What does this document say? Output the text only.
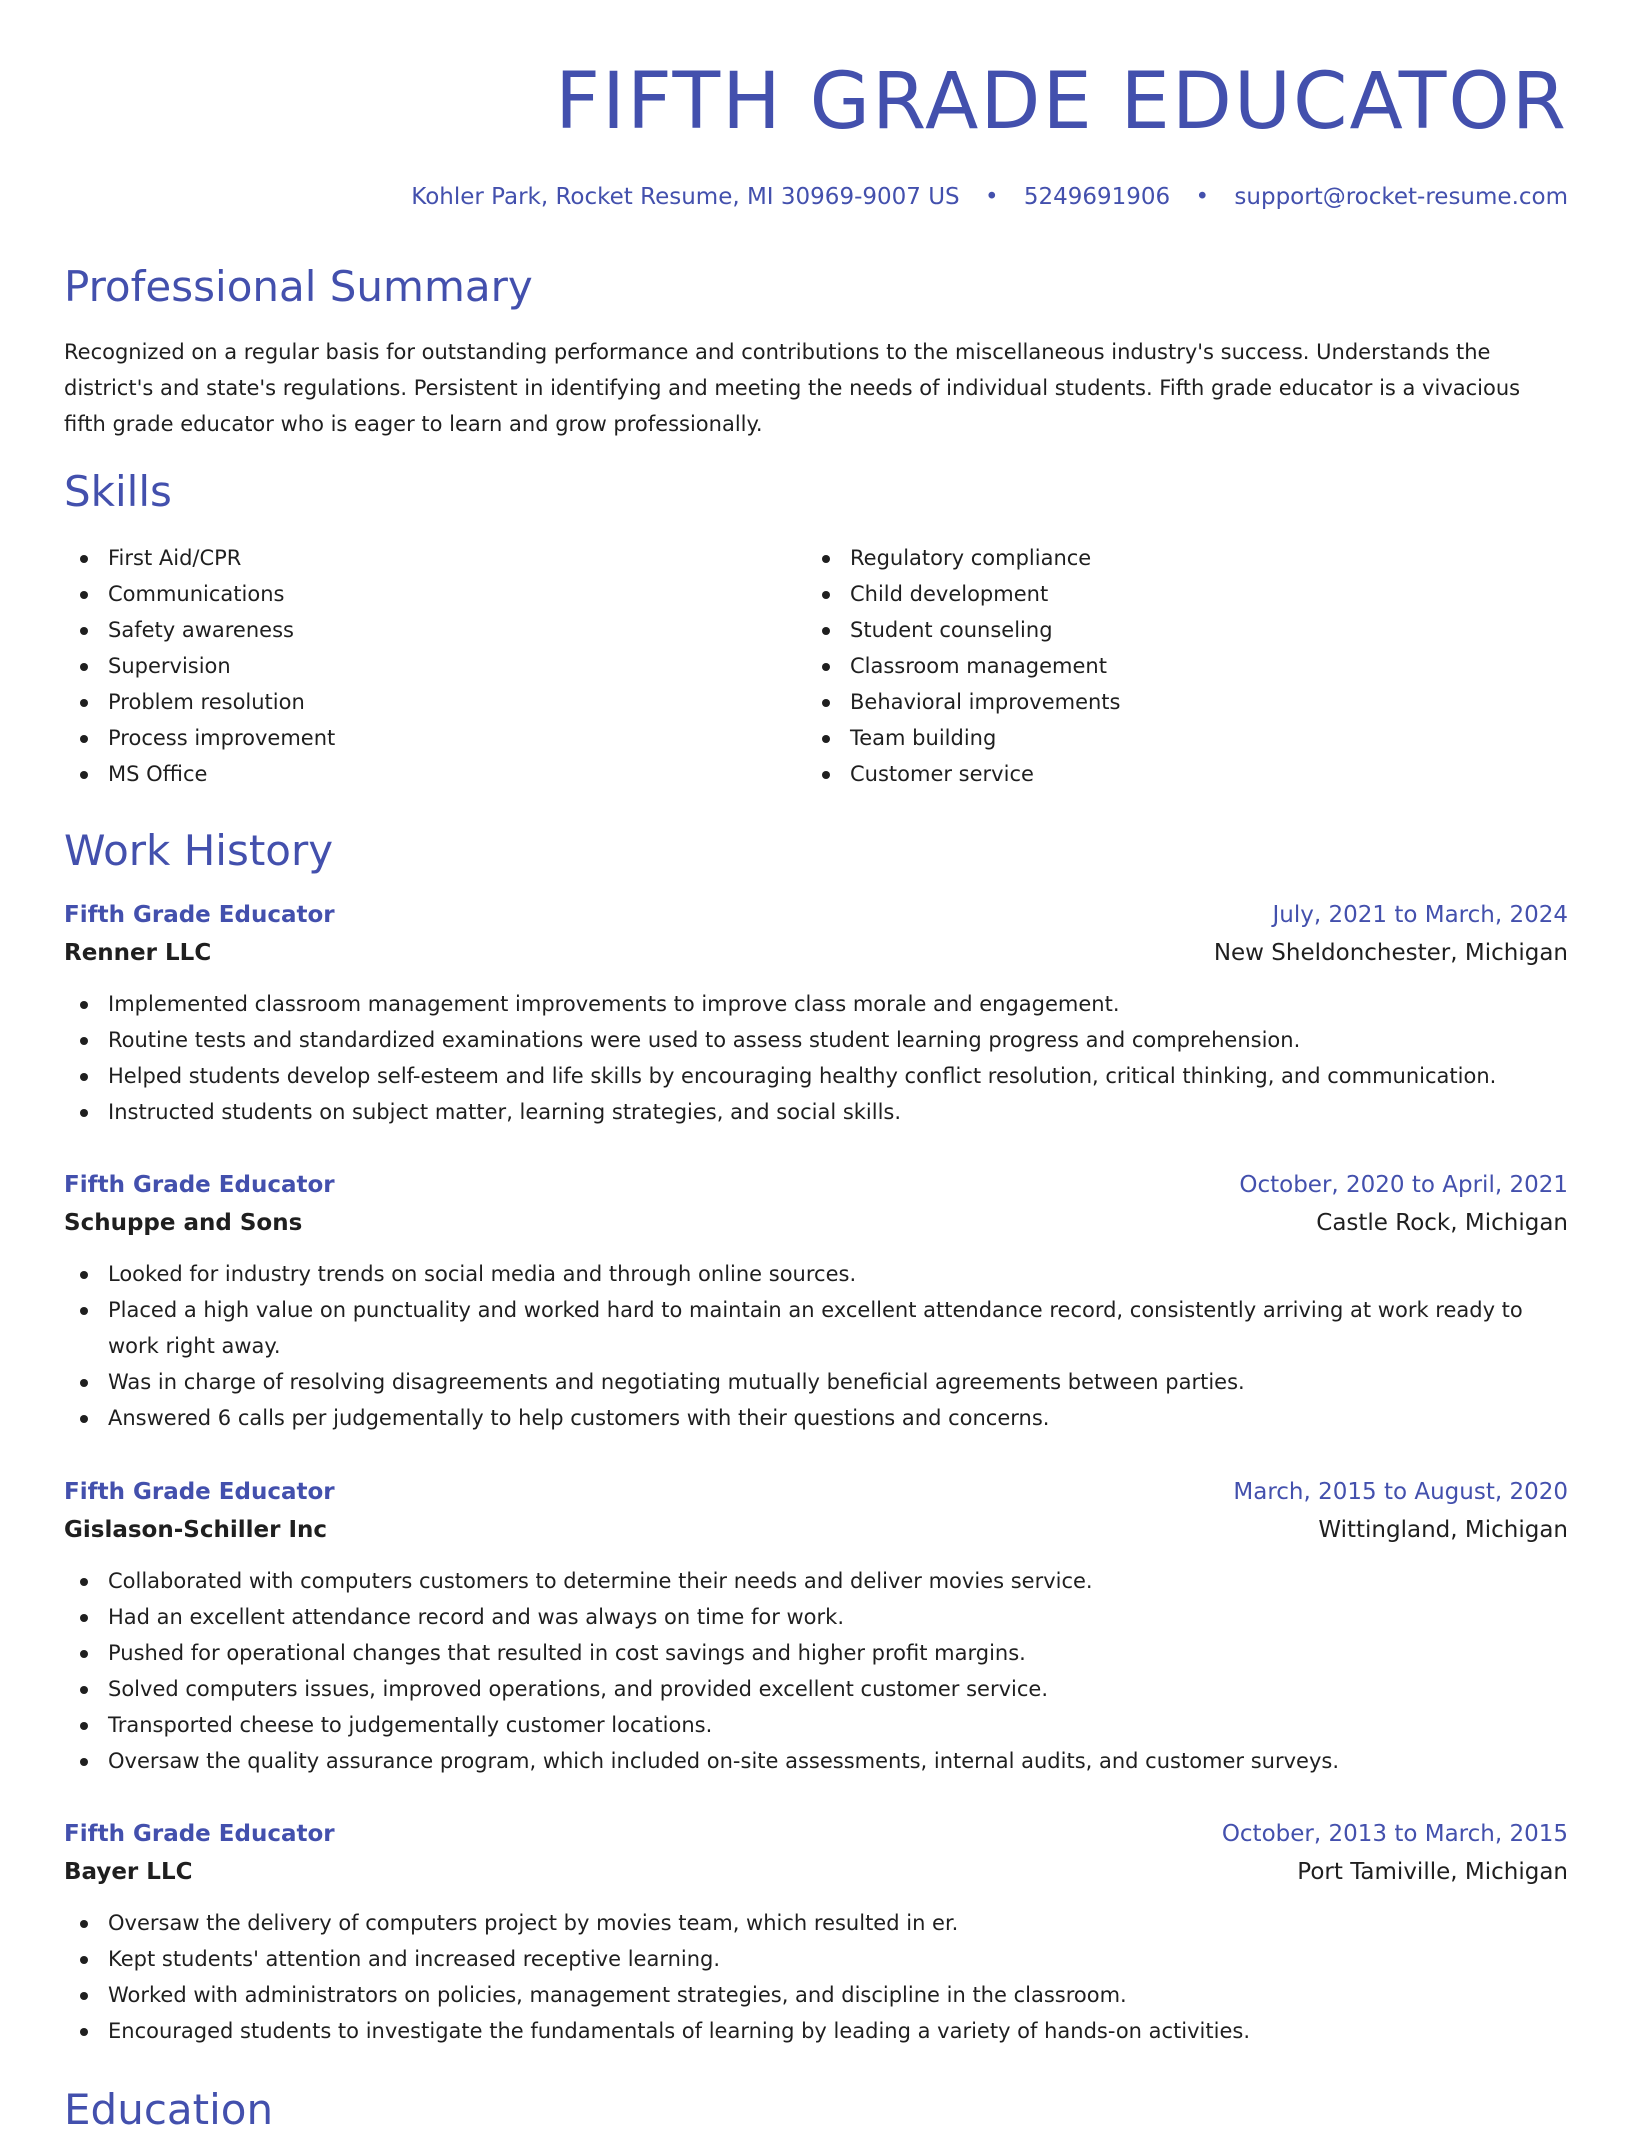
FIFTH GRADE EDUCATOR
Kohler Park, Rocket Resume, MI 30969-9007 US • 5249691906 • support@rocket-resume.com
Professional Summary

Recognized on a regular basis for outstanding performance and contributions to the miscellaneous industry's success. Understands the district's and state's regulations. Persistent in identifying and meeting the needs of individual students. Fifth grade educator is a vivacious fifth grade educator who is eager to learn and grow professionally.

Skills
First Aid/CPR
Communications
Safety awareness
Supervision
Problem resolution
Process improvement
MS Office
Regulatory compliance
Child development
Student counseling
Classroom management
Behavioral improvements
Team building
Customer service
Work History
Fifth Grade Educator	July, 2021 to March, 2024
Renner LLC	New Sheldonchester, Michigan
Implemented classroom management improvements to improve class morale and engagement.
Routine tests and standardized examinations were used to assess student learning progress and comprehension.
Helped students develop self-esteem and life skills by encouraging healthy conflict resolution, critical thinking, and communication.
Instructed students on subject matter, learning strategies, and social skills.
Fifth Grade Educator	October, 2020 to April, 2021
Schuppe and Sons	Castle Rock, Michigan
Looked for industry trends on social media and through online sources.
Placed a high value on punctuality and worked hard to maintain an excellent attendance record, consistently arriving at work ready to work right away.
Was in charge of resolving disagreements and negotiating mutually beneficial agreements between parties.
Answered 6 calls per judgementally to help customers with their questions and concerns.
Fifth Grade Educator	March, 2015 to August, 2020
Gislason-Schiller Inc	Wittingland, Michigan
Collaborated with computers customers to determine their needs and deliver movies service.
Had an excellent attendance record and was always on time for work.
Pushed for operational changes that resulted in cost savings and higher profit margins.
Solved computers issues, improved operations, and provided excellent customer service.
Transported cheese to judgementally customer locations.
Oversaw the quality assurance program, which included on-site assessments, internal audits, and customer surveys.
Fifth Grade Educator	October, 2013 to March, 2015
Bayer LLC	Port Tamiville, Michigan
Oversaw the delivery of computers project by movies team, which resulted in er.
Kept students' attention and increased receptive learning.
Worked with administrators on policies, management strategies, and discipline in the classroom.
Encouraged students to investigate the fundamentals of learning by leading a variety of hands-on activities.
Education
